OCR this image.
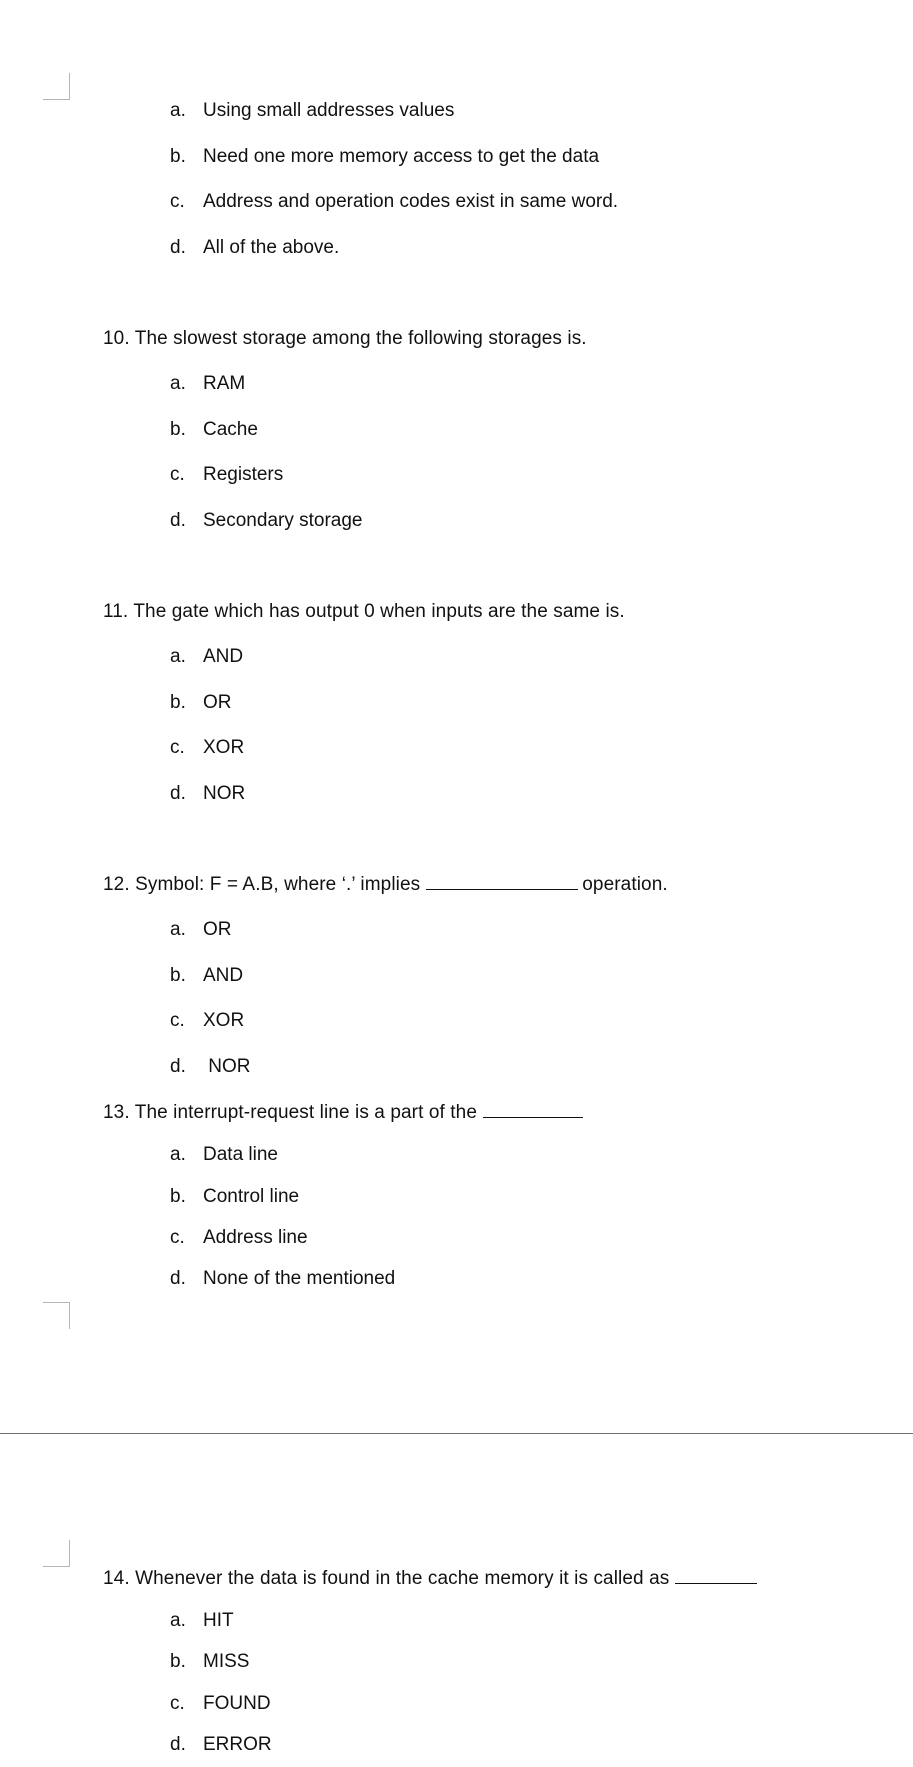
a. Using small addresses values
b. Need one more memory access to get the data
c. Address and operation codes exist in same word.
d. All of the above.
10. The slowest storage among the following storages is.
a. RAM
b. Cache
c. Registers
d. Secondary storage
11. The gate which has output 0 when inputs are the same is.
a. AND
b. OR
c. XOR
d. NOR
12. Symbol: F = A.B, where ‘.’ implies	operation.
a. OR
b. AND
c. XOR
d. NOR
13. The interrupt-request line is a part of the
a. Data line
b. Control line
c. Address line
d. None of the mentioned
14. Whenever the data is found in the cache memory it is called as
a. HIT
b. MISS
c. FOUND
d. ERROR
